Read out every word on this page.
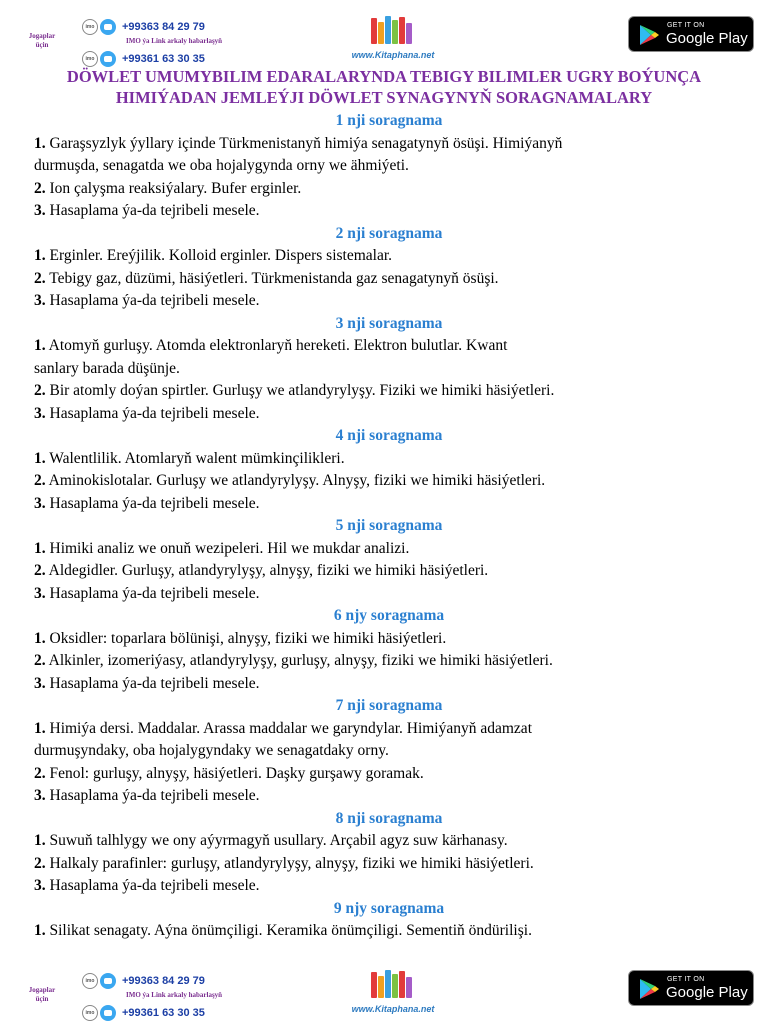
Jogaplar üçin
imo	+99363 84 29 79
IMO ýa Link arkaly habarlaşyň
imo	+99361 63 30 35	www.Kitaphana.net
GET IT ON
Google Play
DÖWLET UMUMYBILIM EDARALARYNDA TEBIGY BILIMLER UGRY BOÝUNÇA
HIMIÝADAN JEMLEÝJI DÖWLET SYNAGYNYŇ SORAGNAMALARY
1 nji soragnama
1. Garaşsyzlyk ýyllary içinde Türkmenistanyň himiýa senagatynyň ösüşi. Himiýanyň
durmuşda, senagatda we oba hojalygynda orny we ähmiýeti.
2. Ion çalyşma reaksiýalary. Bufer erginler.
3. Hasaplama ýa-da tejribeli mesele.
2 nji soragnama
1. Erginler. Ereýjilik. Kolloid erginler. Dispers sistemalar.
2. Tebigy gaz, düzümi, häsiýetleri. Türkmenistanda gaz senagatynyň ösüşi.
3. Hasaplama ýa-da tejribeli mesele.
3 nji soragnama
1. Atomyň gurluşy. Atomda elektronlaryň hereketi. Elektron bulutlar. Kwant
sanlary barada düşünje.
2. Bir atomly doýan spirtler. Gurluşy we atlandyrylyşy. Fiziki we himiki häsiýetleri.
3. Hasaplama ýa-da tejribeli mesele.
4 nji soragnama
1. Walentlilik. Atomlaryň walent mümkinçilikleri.
2. Aminokislotalar. Gurluşy we atlandyrylyşy. Alnyşy, fiziki we himiki häsiýetleri.
3. Hasaplama ýa-da tejribeli mesele.
5 nji soragnama
1. Himiki analiz we onuň wezipeleri. Hil we mukdar analizi.
2. Aldegidler. Gurluşy, atlandyrylyşy, alnyşy, fiziki we himiki häsiýetleri.
3. Hasaplama ýa-da tejribeli mesele.
6 njy soragnama
1. Oksidler: toparlara bölünişi, alnyşy, fiziki we himiki häsiýetleri.
2. Alkinler, izomeriýasy, atlandyrylyşy, gurluşy, alnyşy, fiziki we himiki häsiýetleri.
3. Hasaplama ýa-da tejribeli mesele.
7 nji soragnama
1. Himiýa dersi. Maddalar. Arassa maddalar we garyndylar. Himiýanyň adamzat
durmuşyndaky, oba hojalygyndaky we senagatdaky orny.
2. Fenol: gurluşy, alnyşy, häsiýetleri. Daşky gurşawy goramak.
3. Hasaplama ýa-da tejribeli mesele.
8 nji soragnama
1. Suwuň talhlygy we ony aýyrmagyň usullary. Arçabil agyz suw kärhanasy.
2. Halkaly parafinler: gurluşy, atlandyrylyşy, alnyşy, fiziki we himiki häsiýetleri.
3. Hasaplama ýa-da tejribeli mesele.
9 njy soragnama
1. Silikat senagaty. Aýna önümçiligi. Keramika önümçiligi. Sementiň öndürilişi.
Jogaplar üçin
imo	+99363 84 29 79
IMO ýa Link arkaly habarlaşyň
imo	+99361 63 30 35	www.Kitaphana.net
GET IT ON
Google Play
